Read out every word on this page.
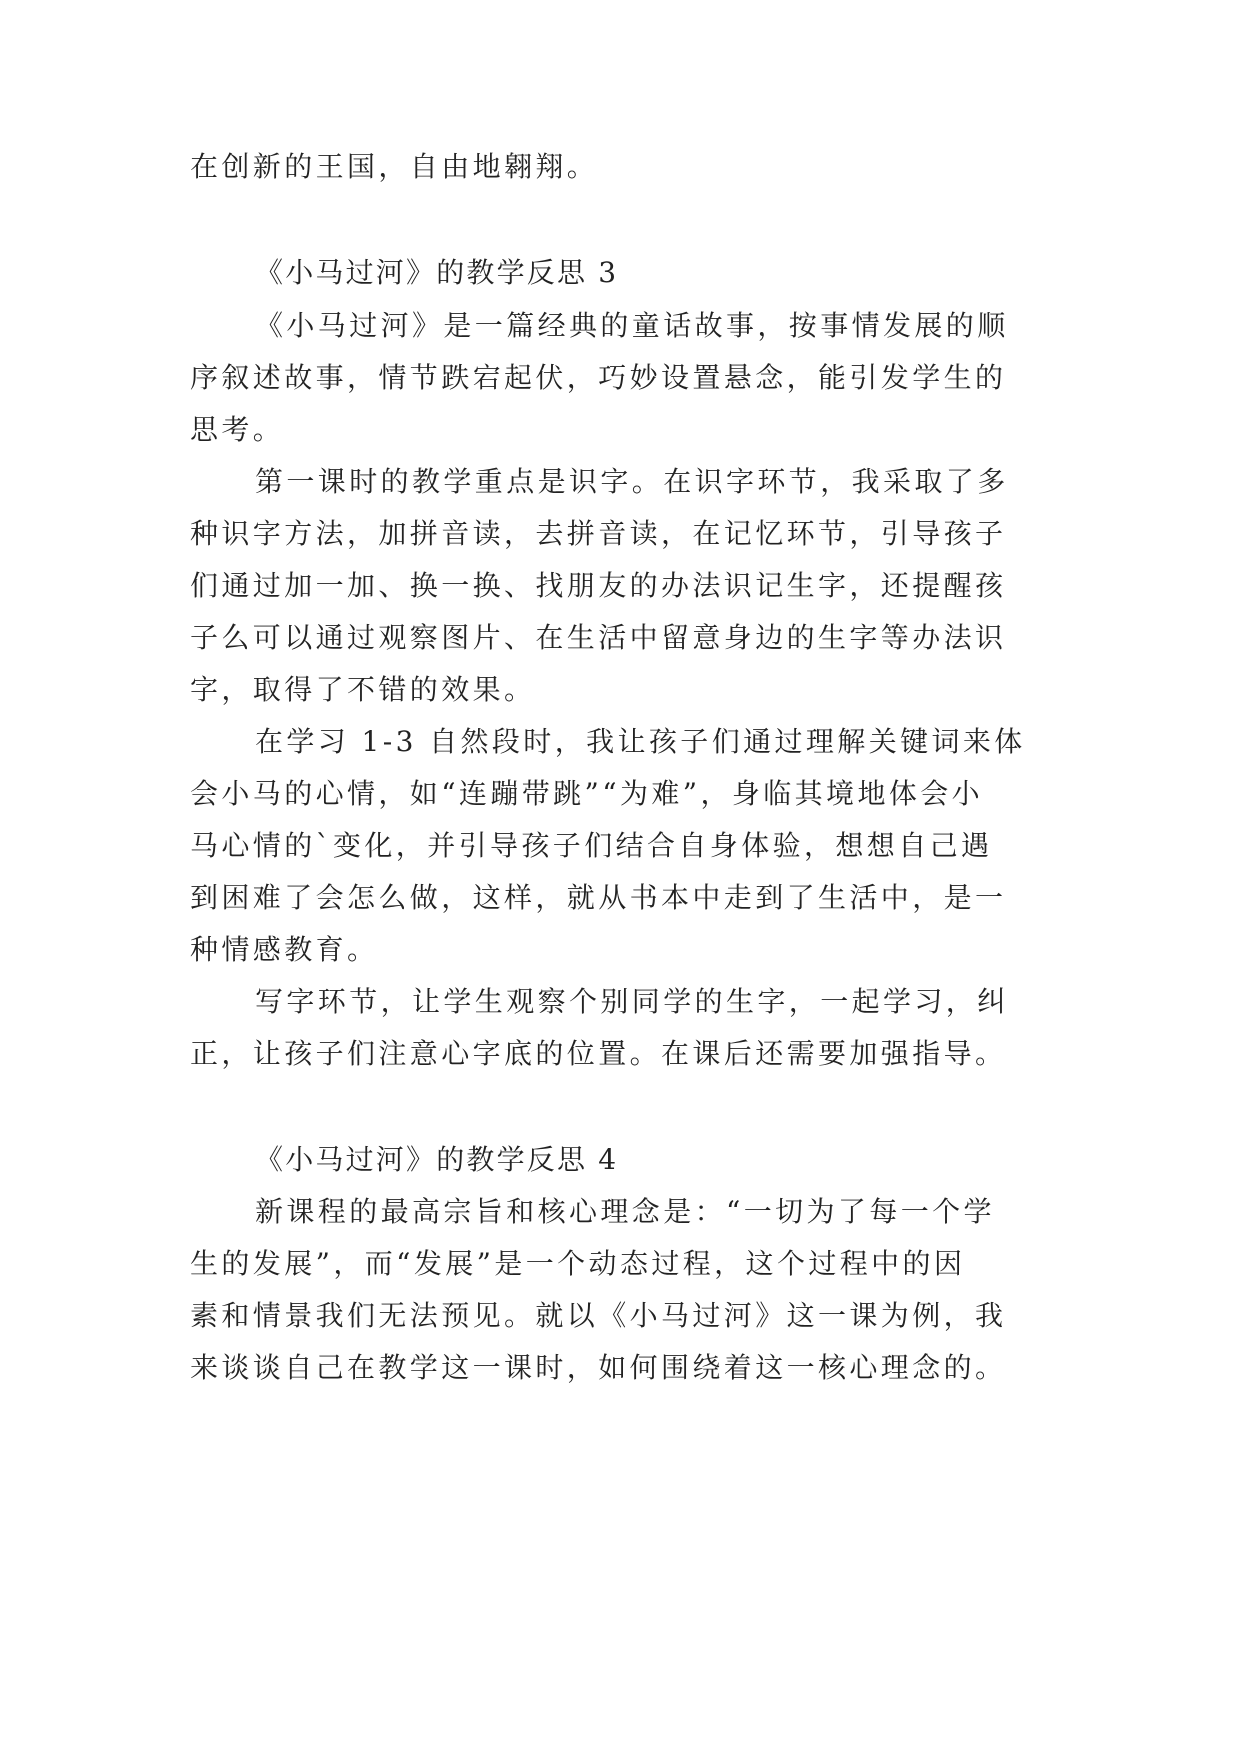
在创新的王国，自由地翱翔。
《小马过河》的教学反思 3
《小马过河》是一篇经典的童话故事，按事情发展的顺
序叙述故事，情节跌宕起伏，巧妙设置悬念，能引发学生的
思考。
第一课时的教学重点是识字。在识字环节，我采取了多
种识字方法，加拼音读，去拼音读，在记忆环节，引导孩子
们通过加一加、换一换、找朋友的办法识记生字，还提醒孩
子么可以通过观察图片、在生活中留意身边的生字等办法识
字，取得了不错的效果。
在学习 1-3 自然段时，我让孩子们通过理解关键词来体
会小马的心情，如“连蹦带跳”“为难”，身临其境地体会小
马心情的`变化，并引导孩子们结合自身体验，想想自己遇
到困难了会怎么做，这样，就从书本中走到了生活中，是一
种情感教育。
写字环节，让学生观察个别同学的生字，一起学习，纠
正，让孩子们注意心字底的位置。在课后还需要加强指导。
《小马过河》的教学反思 4
新课程的最高宗旨和核心理念是：“一切为了每一个学
生的发展”，而“发展”是一个动态过程，这个过程中的因
素和情景我们无法预见。就以《小马过河》这一课为例，我
来谈谈自己在教学这一课时，如何围绕着这一核心理念的。
